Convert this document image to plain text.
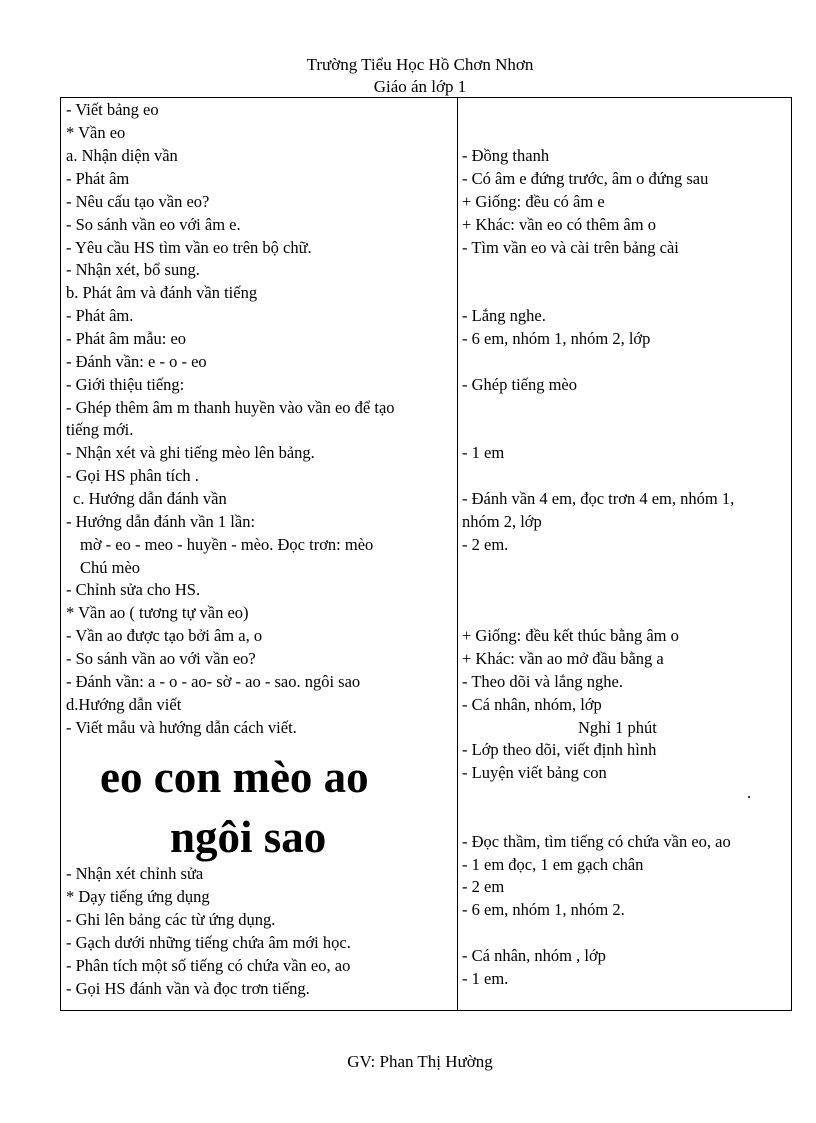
Trường Tiểu Học Hồ Chơn Nhơn
Giáo án lớp 1
- Viết bảng eo
* Vần eo
a. Nhận diện vần
- Phát âm
- Nêu cấu tạo vần eo?
- So sánh vần eo với âm e.
- Yêu cầu HS tìm vần eo trên bộ chữ.
- Nhận xét, bổ sung.
b. Phát âm và đánh vần tiếng
- Phát âm.
- Phát âm mẫu: eo
- Đánh vần: e - o - eo
- Giới thiệu tiếng:
- Ghép thêm âm m thanh huyền vào vần eo để tạo
tiếng mới.
- Nhận xét và ghi tiếng mèo lên bảng.
- Gọi HS phân tích .
c. Hướng dẫn đánh vần
- Hướng dẫn đánh vần 1 lần:
mờ - eo - meo - huyền - mèo. Đọc trơn: mèo
Chú mèo
- Chỉnh sửa cho HS.
* Vần ao ( tương tự vần eo)
- Vần ao được tạo bởi âm a, o
- So sánh vần ao với vần eo?
- Đánh vần: a - o - ao- sờ - ao - sao. ngôi sao
d.Hướng dẫn viết
- Viết mẫu và hướng dẫn cách viết.
eo con mèo ao
ngôi sao
- Nhận xét chỉnh sửa
* Dạy tiếng ứng dụng
- Ghi lên bảng các từ ứng dụng.
- Gạch dưới những tiếng chứa âm mới học.
- Phân tích một số tiếng có chứa vần eo, ao
- Gọi HS đánh vần và đọc trơn tiếng.
- Đồng thanh
- Có âm e đứng trước, âm o đứng sau
+ Giống: đều có âm e
+ Khác: vần eo có thêm âm o
- Tìm vần eo và cài trên bảng cài
- Lắng nghe.
- 6 em, nhóm 1, nhóm 2, lớp
- Ghép tiếng mèo
- 1 em
- Đánh vần 4 em, đọc trơn 4 em, nhóm 1,
nhóm 2, lớp
- 2 em.
+ Giống: đều kết thúc bằng âm o
+ Khác: vần ao mở đầu bằng a
- Theo dõi và lắng nghe.
- Cá nhân, nhóm, lớp
Nghỉ 1 phút
- Lớp theo dõi, viết định hình
- Luyện viết bảng con
- Đọc thầm, tìm tiếng có chứa vần eo, ao
- 1 em đọc, 1 em gạch chân
- 2 em
- 6 em, nhóm 1, nhóm 2.
- Cá nhân, nhóm , lớp
- 1 em.
GV: Phan Thị Hường
